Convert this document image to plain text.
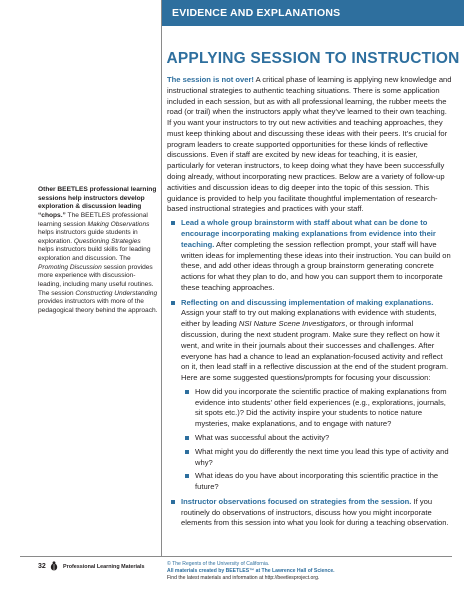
EVIDENCE AND EXPLANATIONS
APPLYING SESSION TO INSTRUCTION
Other BEETLES professional learning sessions help instructors develop exploration & discussion leading “chops.” The BEETLES professional learning session Making Observations helps instructors guide students in exploration. Questioning Strategies helps instructors build skills for leading exploration and discussion. The Promoting Discussion session provides more experience with discussion-leading, including many useful routines. The session Constructing Understanding provides instructors with more of the pedagogical theory behind the approach.

The session is not over! A critical phase of learning is applying new knowledge and instructional strategies to authentic teaching situations. There is some application included in each session, but as with all professional learning, the rubber meets the road (or trail) when the instructors apply what they’ve learned to their own teaching. If you want your instructors to try out new activities and teaching approaches, they must keep thinking about and discussing these ideas with their peers. It’s crucial for program leaders to create supported opportunities for these kinds of reflective discussions. Even if staff are excited by new ideas for teaching, it is easier, particularly for veteran instructors, to keep doing what they have been successfully doing already, without incorporating new practices. Below are a variety of follow-up activities and discussion ideas to dig deeper into the topic of this session. This guidance is provided to help you facilitate thoughtful implementation of research-based instructional strategies and practices with your staff.

Lead a whole group brainstorm with staff about what can be done to encourage incorporating making explanations from evidence into their teaching. After completing the session reflection prompt, your staff will have written ideas for implementing these ideas into their instruction. You can build on these, and add other ideas through a group brainstorm generating concrete actions for what they plan to do, and how you can support them to incorporate these teaching approaches.
Reflecting on and discussing implementation of making explanations. Assign your staff to try out making explanations with evidence with students, either by leading NSI Nature Scene Investigators, or through informal discussion, during the next student program. Make sure they reflect on how it went, and write in their journals about their successes and challenges. After everyone has had a chance to lead an explanation-focused activity and reflect on it, then lead staff in a reflective discussion at the end of the student program. Here are some suggested questions/prompts for focusing your discussion:
How did you incorporate the scientific practice of making explanations from evidence into students’ other field experiences (e.g., explorations, journals, sit spots etc.)? Did the activity inspire your students to notice nature mysteries, make explanations, and to engage with nature?
What was successful about the activity?
What might you do differently the next time you lead this type of activity and why?
What ideas do you have about incorporating this scientific practice in the future?
Instructor observations focused on strategies from the session. If you routinely do observations of instructors, discuss how you might incorporate elements from this session into what you look for during a teaching observation.
32	Professional Learning Materials	© The Regents of the University of California.
All materials created by BEETLES™ at The Lawrence Hall of Science.
Find the latest materials and information at http://beetlesproject.org.
